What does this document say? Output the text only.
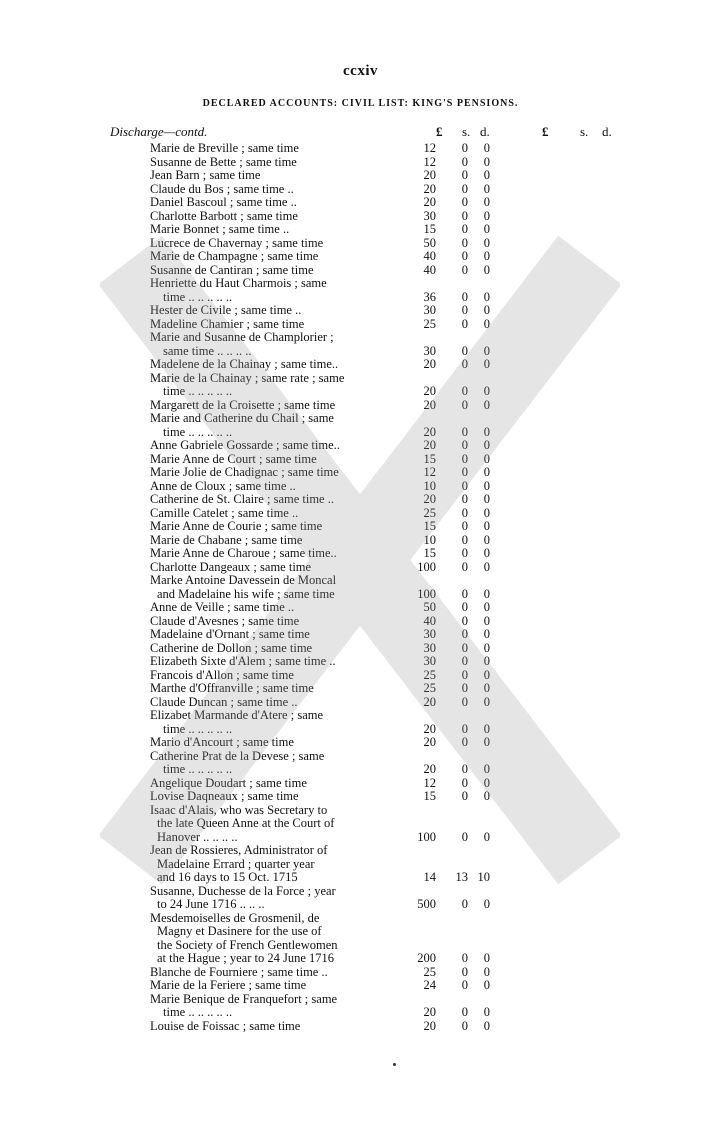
ccxiv
DECLARED ACCOUNTS: CIVIL LIST: KING'S PENSIONS.
Discharge—contd.	£ s. d.	£ s. d.
Marie de Breville ; same time	12	0	0
Susanne de Bette ; same time	12	0	0
Jean Barn ; same time	20	0	0
Claude du Bos ; same time ..	20	0	0
Daniel Bascoul ; same time ..	20	0	0
Charlotte Barbott ; same time	30	0	0
Marie Bonnet ; same time ..	15	0	0
Lucrece de Chavernay ; same time	50	0	0
Marie de Champagne ; same time	40	0	0
Susanne de Cantiran ; same time	40	0	0
Henriette du Haut Charmois ; same
time .. .. .. .. ..	36	0	0
Hester de Civile ; same time ..	30	0	0
Madeline Chamier ; same time	25	0	0
Marie and Susanne de Champlorier ;
same time .. .. .. ..	30	0	0
Madelene de la Chainay ; same time..	20	0	0
Marie de la Chainay ; same rate ; same
time .. .. .. .. ..	20	0	0
Margarett de la Croisette ; same time	20	0	0
Marie and Catherine du Chail ; same
time .. .. .. .. ..	20	0	0
Anne Gabriele Gossarde ; same time..	20	0	0
Marie Anne de Court ; same time	15	0	0
Marie Jolie de Chadignac ; same time	12	0	0
Anne de Cloux ; same time ..	10	0	0
Catherine de St. Claire ; same time ..	20	0	0
Camille Catelet ; same time ..	25	0	0
Marie Anne de Courie ; same time	15	0	0
Marie de Chabane ; same time	10	0	0
Marie Anne de Charoue ; same time..	15	0	0
Charlotte Dangeaux ; same time	100	0	0
Marke Antoine Davessein de Moncal
and Madelaine his wife ; same time	100	0	0
Anne de Veille ; same time ..	50	0	0
Claude d'Avesnes ; same time	40	0	0
Madelaine d'Ornant ; same time	30	0	0
Catherine de Dollon ; same time	30	0	0
Elizabeth Sixte d'Alem ; same time ..	30	0	0
Francois d'Allon ; same time	25	0	0
Marthe d'Offranville ; same time	25	0	0
Claude Duncan ; same time ..	20	0	0
Elizabet Marmande d'Atere ; same
time .. .. .. .. ..	20	0	0
Mario d'Ancourt ; same time	20	0	0
Catherine Prat de la Devese ; same
time .. .. .. .. ..	20	0	0
Angelique Doudart ; same time	12	0	0
Lovise Daqneaux ; same time	15	0	0
Isaac d'Alais, who was Secretary to
the late Queen Anne at the Court of
Hanover .. .. .. ..	100	0	0
Jean de Rossieres, Administrator of
Madelaine Errard ; quarter year
and 16 days to 15 Oct. 1715	14 13 10
Susanne, Duchesse de la Force ; year
to 24 June 1716 .. .. ..	500	0	0
Mesdemoiselles de Grosmenil, de
Magny et Dasinere for the use of
the Society of French Gentlewomen
at the Hague ; year to 24 June 1716	200	0	0
Blanche de Fourniere ; same time ..	25	0	0
Marie de la Feriere ; same time	24	0	0
Marie Benique de Franquefort ; same
time .. .. .. .. ..	20	0	0
Louise de Foissac ; same time	20	0	0
